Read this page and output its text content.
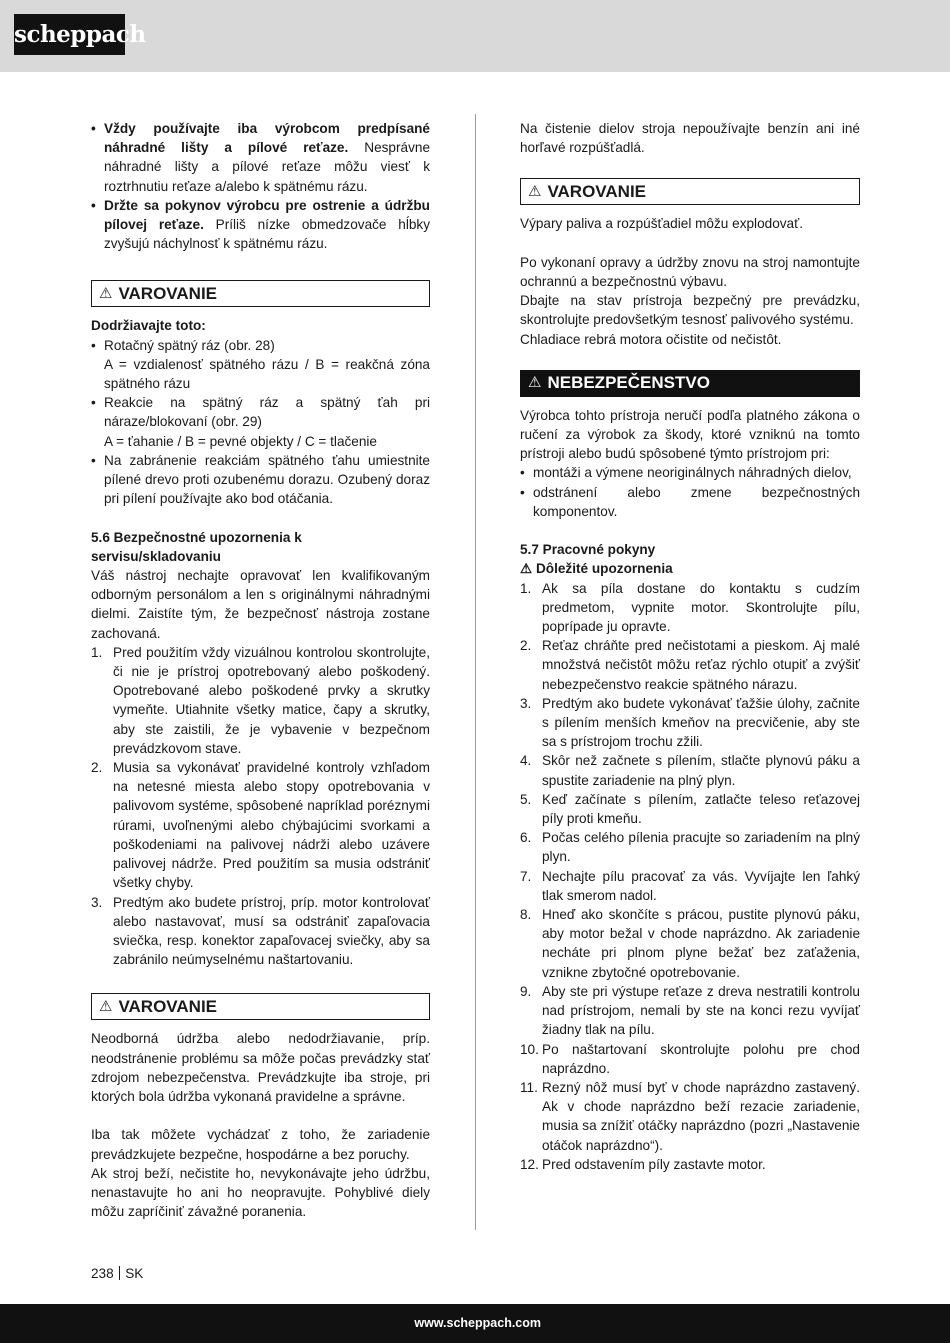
scheppach
• Vždy používajte iba výrobcom predpísané náhradné lišty a pílové reťaze. Nesprávne náhradné lišty a pílové reťaze môžu viesť k roztrhnutiu reťaze a/alebo k spätnému rázu.
• Držte sa pokynov výrobcu pre ostrenie a údržbu pílovej reťaze. Príliš nízke obmedzovače hĺbky zvyšujú náchylnosť k spätnému rázu.
⚠ VAROVANIE
Dodržiavajte toto:
• Rotačný spätný ráz (obr. 28)
A = vzdialenosť spätného rázu / B = reakčná zóna spätného rázu
• Reakcie na spätný ráz a spätný ťah pri náraze/blokovaní (obr. 29)
A = ťahanie / B = pevné objekty / C = tlačenie
• Na zabránenie reakciám spätného ťahu umiestnite pílené drevo proti ozubenému dorazu. Ozubený doraz pri pílení používajte ako bod otáčania.
5.6 Bezpečnostné upozornenia k servisu/skladovaniu

Váš nástroj nechajte opravovať len kvalifikovaným odborným personálom a len s originálnymi náhradnými dielmi. Zaistíte tým, že bezpečnosť nástroja zostane zachovaná.

1. Pred použitím vždy vizuálnou kontrolou skontrolujte, či nie je prístroj opotrebovaný alebo poškodený. Opotrebované alebo poškodené prvky a skrutky vymeňte. Utiahnite všetky matice, čapy a skrutky, aby ste zaistili, že je vybavenie v bezpečnom prevádzkovom stave.
2. Musia sa vykonávať pravidelné kontroly vzhľadom na netesné miesta alebo stopy opotrebovania v palivovom systéme, spôsobené napríklad poréznymi rúrami, uvoľnenými alebo chýbajúcimi svorkami a poškodeniami na palivovej nádrži alebo uzávere palivovej nádrže. Pred použitím sa musia odstrániť všetky chyby.
3. Predtým ako budete prístroj, príp. motor kontrolovať alebo nastavovať, musí sa odstrániť zapaľovacia sviečka, resp. konektor zapaľovacej sviečky, aby sa zabránilo neúmyselnému naštartovaniu.
⚠ VAROVANIE

Neodborná údržba alebo nedodržiavanie, príp. neodstránenie problému sa môže počas prevádzky stať zdrojom nebezpečenstva. Prevádzkujte iba stroje, pri ktorých bola údržba vykonaná pravidelne a správne.

Iba tak môžete vychádzať z toho, že zariadenie prevádzkujete bezpečne, hospodárne a bez poruchy.

Ak stroj beží, nečistite ho, nevykonávajte jeho údržbu, nenastavujte ho ani ho neopravujte. Pohyblivé diely môžu zapríčiniť závažné poranenia.

Na čistenie dielov stroja nepoužívajte benzín ani iné horľavé rozpúšťadlá.

⚠ VAROVANIE

Výpary paliva a rozpúšťadiel môžu explodovať.

Po vykonaní opravy a údržby znovu na stroj namontujte ochrannú a bezpečnostnú výbavu.

Dbajte na stav prístroja bezpečný pre prevádzku, skontrolujte predovšetkým tesnosť palivového systému.

Chladiace rebrá motora očistite od nečistôt.

⚠ NEBEZPEČENSTVO

Výrobca tohto prístroja neručí podľa platného zákona o ručení za výrobok za škody, ktoré vzniknú na tomto prístroji alebo budú spôsobené týmto prístrojom pri:

• montáži a výmene neoriginálnych náhradných dielov,
• odstránení alebo zmene bezpečnostných komponentov.
5.7 Pracovné pokyny
⚠ Dôležité upozornenia
1. Ak sa píla dostane do kontaktu s cudzím predmetom, vypnite motor. Skontrolujte pílu, poprípade ju opravte.
2. Reťaz chráňte pred nečistotami a pieskom. Aj malé množstvá nečistôt môžu reťaz rýchlo otupiť a zvýšiť nebezpečenstvo reakcie spätného nárazu.
3. Predtým ako budete vykonávať ťažšie úlohy, začnite s pílením menších kmeňov na precvičenie, aby ste sa s prístrojom trochu zžili.
4. Skôr než začnete s pílením, stlačte plynovú páku a spustite zariadenie na plný plyn.
5. Keď začínate s pílením, zatlačte teleso reťazovej píly proti kmeňu.
6. Počas celého pílenia pracujte so zariadením na plný plyn.
7. Nechajte pílu pracovať za vás. Vyvíjajte len ľahký tlak smerom nadol.
8. Hneď ako skončíte s prácou, pustite plynovú páku, aby motor bežal v chode naprázdno. Ak zariadenie necháte pri plnom plyne bežať bez zaťaženia, vznikne zbytočné opotrebovanie.
9. Aby ste pri výstupe reťaze z dreva nestratili kontrolu nad prístrojom, nemali by ste na konci rezu vyvíjať žiadny tlak na pílu.
10. Po naštartovaní skontrolujte polohu pre chod naprázdno.
11. Rezný nôž musí byť v chode naprázdno zastavený. Ak v chode naprázdno beží rezacie zariadenie, musia sa znížiť otáčky naprázdno (pozri „Nastavenie otáčok naprázdno“).
12. Pred odstavením píly zastavte motor.
238 SK
www.scheppach.com
